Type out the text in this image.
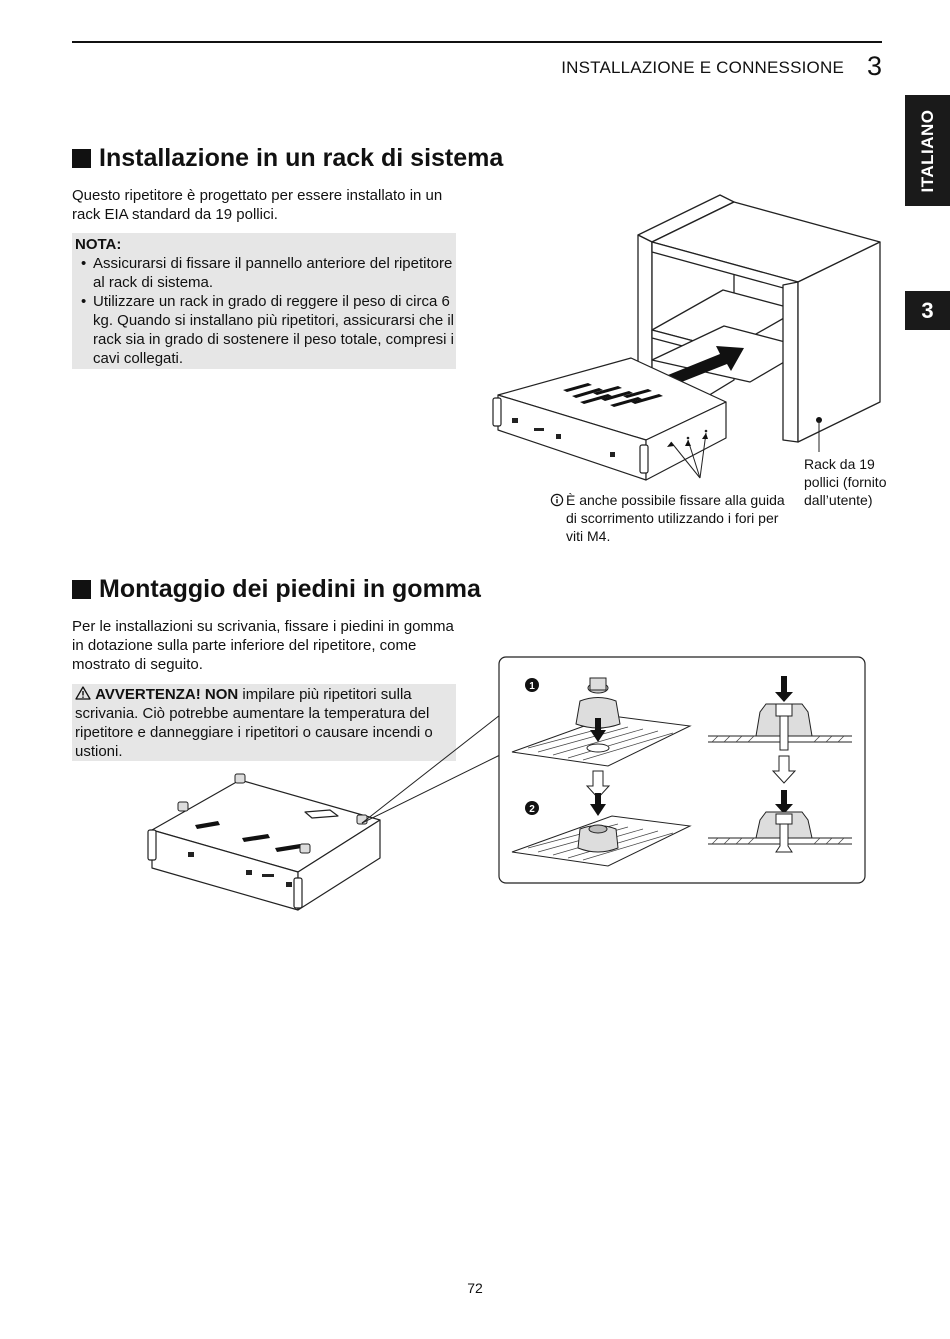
INSTALLAZIONE E CONNESSIONE 3
ITALIANO
3
Installazione in un rack di sistema
Questo ripetitore è progettato per essere installato in un rack EIA standard da 19 pollici.
NOTA:
• Assicurarsi di fissare il pannello anteriore del ripetitore al rack di sistema.
• Utilizzare un rack in grado di reggere il peso di circa 6 kg. Quando si installano più ripetitori, assicurarsi che il rack sia in grado di sostenere il peso totale, compresi i cavi collegati.
Rack da 19 pollici (fornito dall’utente)
È anche possibile fissare alla guida di scorrimento utilizzando i fori per viti M4.
Montaggio dei piedini in gomma
Per le installazioni su scrivania, fissare i piedini in gomma in dotazione sulla parte inferiore del ripetitore, come mostrato di seguito.
AVVERTENZA! NON impilare più ripetitori sulla scrivania. Ciò potrebbe aumentare la temperatura del ripetitore e danneggiare i ripetitori o causare incendi o ustioni.
1
2
72
